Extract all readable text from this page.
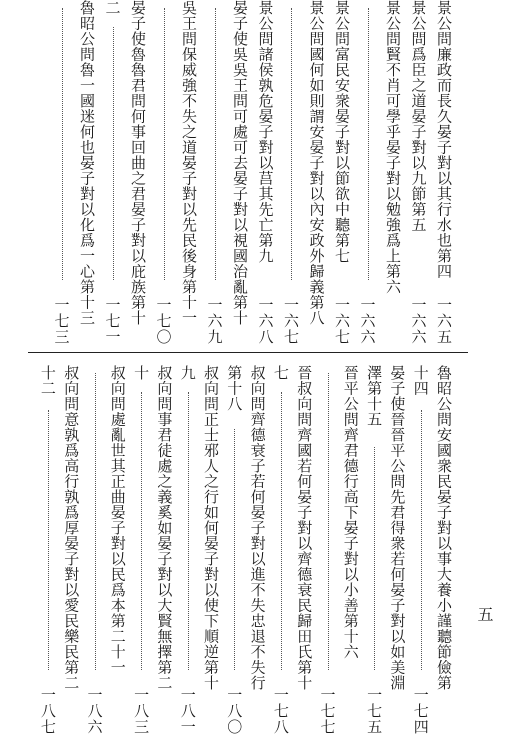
景公問廉政而長久晏子對以其行水也第四
一六五
景公問爲臣之道晏子對以九節第五
一六六
景公問賢不肖可學乎晏子對以勉強爲上第六
一六六
景公問富民安衆晏子對以節欲中聽第七
一六七
景公問國何如則謂安晏子對以內安政外歸義第八
一六七
景公問諸侯孰危晏子對以莒其先亡第九
一六八
晏子使吳吳王問可處可去晏子對以視國治亂第十
一六九
吳王問保威強不失之道晏子對以先民後身第十一
一七〇
晏子使魯魯君問何事回曲之君晏子對以庇族第十
二
一七一
魯昭公問魯一國迷何也晏子對以化爲一心第十三
一七三
魯昭公問安國衆民晏子對以事大養小謹聽節儉第
十四
一七四
晏子使晉晉平公問先君得衆若何晏子對以如美淵
澤第十五
一七五
晉平公問齊君德行高下晏子對以小善第十六
一七七
晉叔向問齊國若何晏子對以齊德衰民歸田氏第十
七
一七八
叔向問齊德衰子若何晏子對以進不失忠退不失行
第十八
一八〇
叔向問正士邪人之行如何晏子對以使下順逆第十
九
一八一
叔向問事君徒處之義奚如晏子對以大賢無擇第二
十
一八三
叔向問處亂世其正曲晏子對以民爲本第二十一
一八六
叔向問意孰爲高行孰爲厚晏子對以愛民樂民第二
十二
一八七
五
